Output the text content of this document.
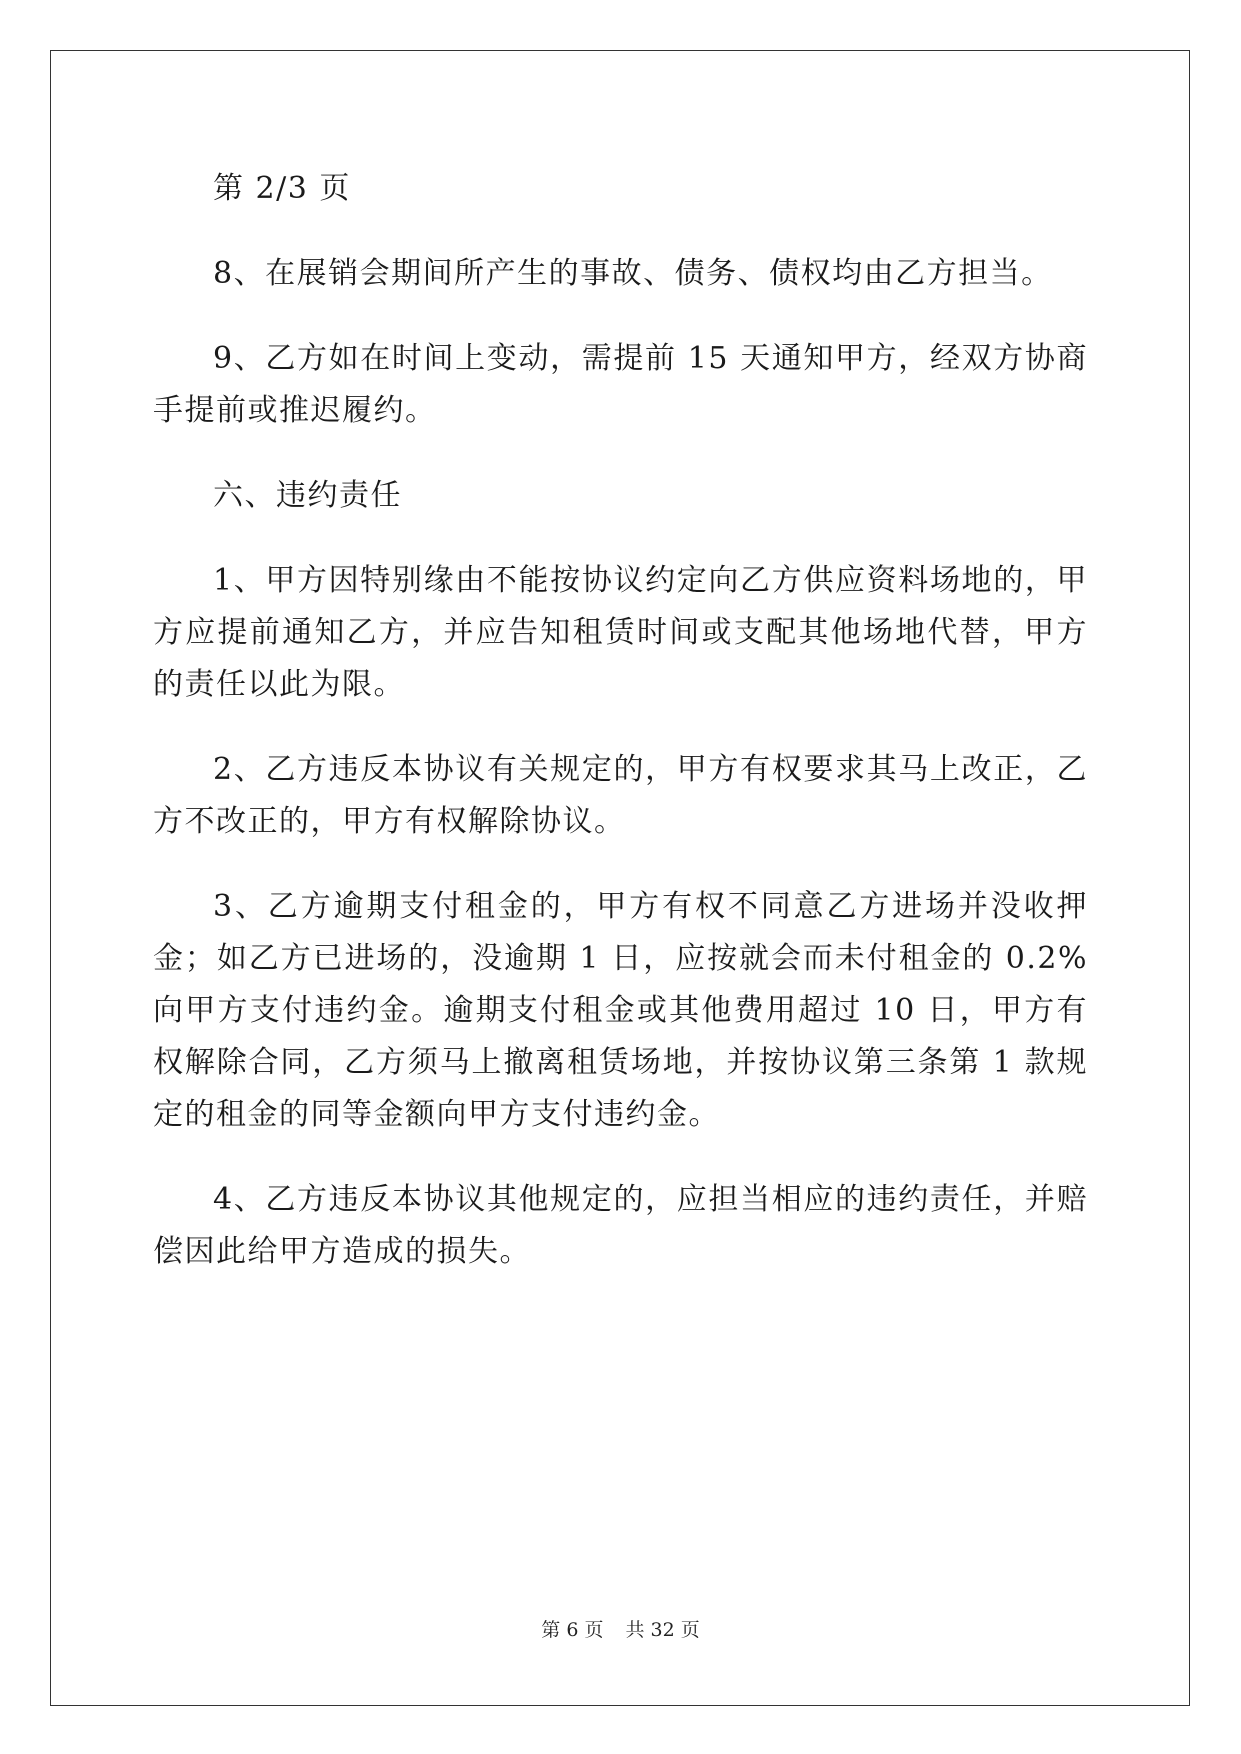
第 2/3 页

8、在展销会期间所产生的事故、债务、债权均由乙方担当。

9、乙方如在时间上变动，需提前 15 天通知甲方，经双方协商手提前或推迟履约。

六、违约责任

1、甲方因特别缘由不能按协议约定向乙方供应资料场地的，甲方应提前通知乙方，并应告知租赁时间或支配其他场地代替，甲方的责任以此为限。

2、乙方违反本协议有关规定的，甲方有权要求其马上改正，乙方不改正的，甲方有权解除协议。

3、乙方逾期支付租金的，甲方有权不同意乙方进场并没收押金；如乙方已进场的，没逾期 1 日，应按就会而未付租金的 0.2%向甲方支付违约金。逾期支付租金或其他费用超过 10 日，甲方有权解除合同，乙方须马上撤离租赁场地，并按协议第三条第 1 款规定的租金的同等金额向甲方支付违约金。

4、乙方违反本协议其他规定的，应担当相应的违约责任，并赔偿因此给甲方造成的损失。

第 6 页 共 32 页
